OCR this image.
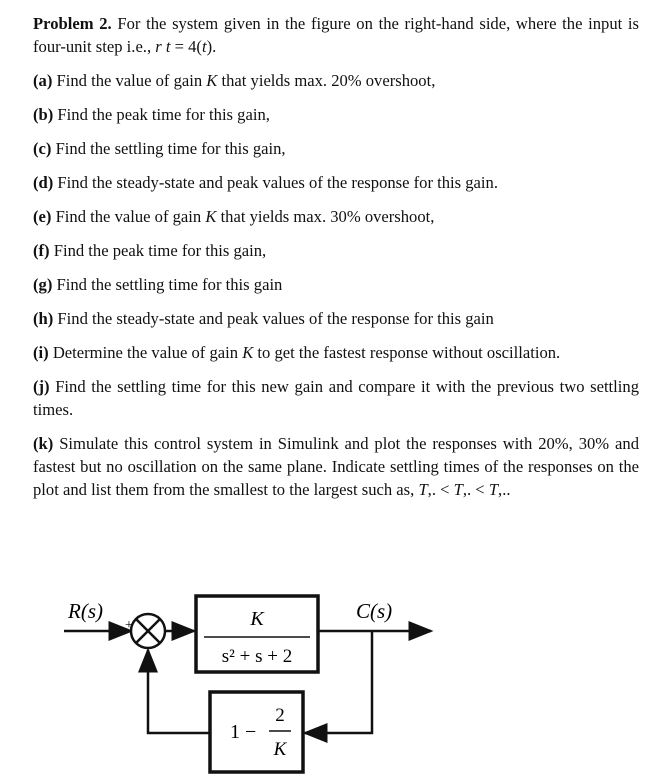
Problem 2. For the system given in the figure on the right-hand side, where the input is four-unit step i.e., r t = 4(t).

(a) Find the value of gain K that yields max. 20% overshoot,

(b) Find the peak time for this gain,

(c) Find the settling time for this gain,

(d) Find the steady-state and peak values of the response for this gain.

(e) Find the value of gain K that yields max. 30% overshoot,

(f) Find the peak time for this gain,

(g) Find the settling time for this gain

(h) Find the steady-state and peak values of the response for this gain

(i) Determine the value of gain K to get the fastest response without oscillation.

(j) Find the settling time for this new gain and compare it with the previous two settling times.

(k) Simulate this control system in Simulink and plot the responses with 20%, 30% and fastest but no oscillation on the same plane. Indicate settling times of the responses on the plot and list them from the smallest to the largest such as, T,. < T,. < T,..

R(s)
+	K
s² + s + 2
C(s)
1 −
2
K
